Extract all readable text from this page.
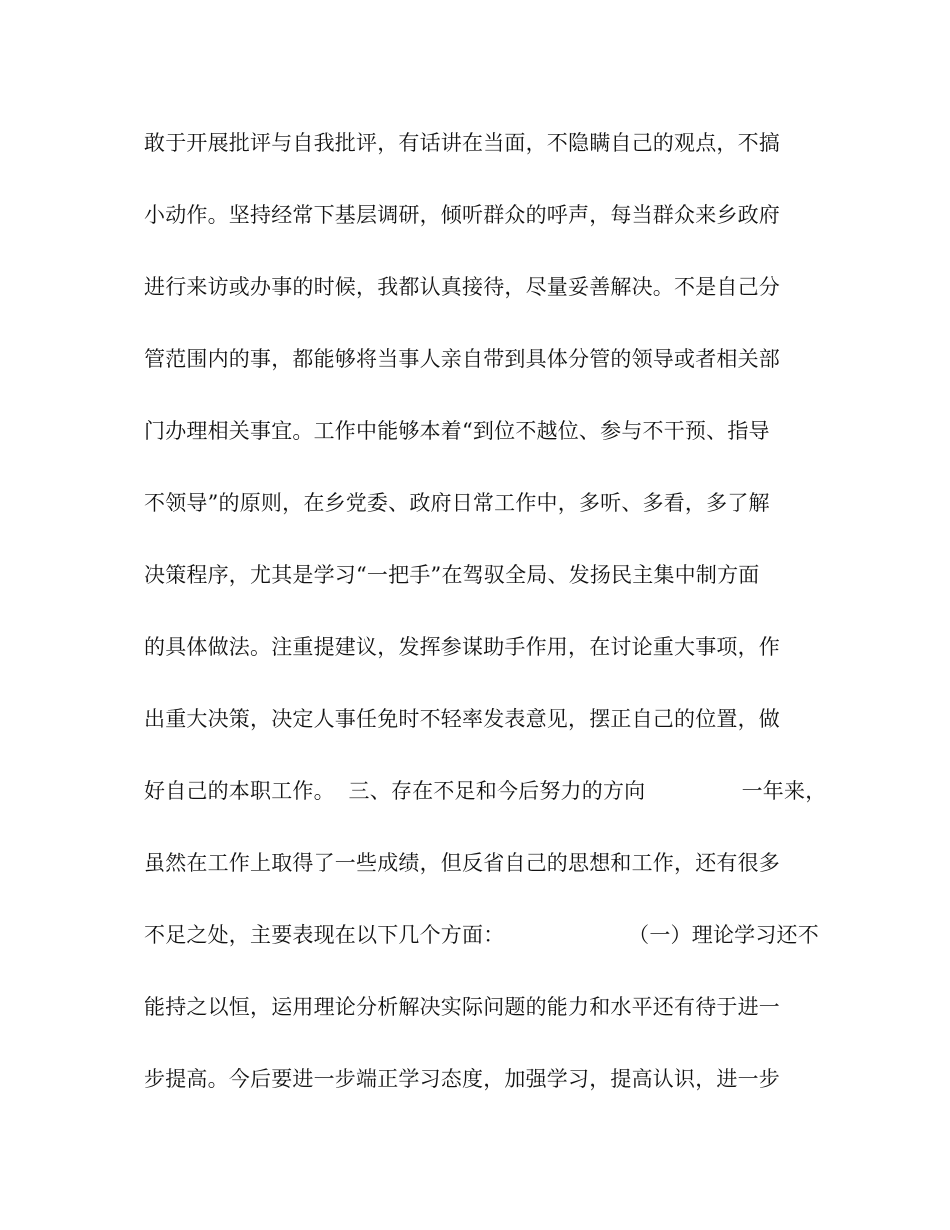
敢于开展批评与自我批评，有话讲在当面，不隐瞒自己的观点，不搞
小动作。坚持经常下基层调研，倾听群众的呼声，每当群众来乡政府
进行来访或办事的时候，我都认真接待，尽量妥善解决。不是自己分
管范围内的事，都能够将当事人亲自带到具体分管的领导或者相关部
门办理相关事宜。工作中能够本着“到位不越位、参与不干预、指导
不领导”的原则，在乡党委、政府日常工作中，多听、多看，多了解
决策程序，尤其是学习“一把手”在驾驭全局、发扬民主集中制方面
的具体做法。注重提建议，发挥参谋助手作用，在讨论重大事项，作
出重大决策，决定人事任免时不轻率发表意见，摆正自己的位置，做
好自己的本职工作。  三、存在不足和今后努力的方向              一年来，
虽然在工作上取得了一些成绩，但反省自己的思想和工作，还有很多
不足之处，主要表现在以下几个方面：                  （一）理论学习还不
能持之以恒，运用理论分析解决实际问题的能力和水平还有待于进一
步提高。今后要进一步端正学习态度，加强学习，提高认识，进一步
